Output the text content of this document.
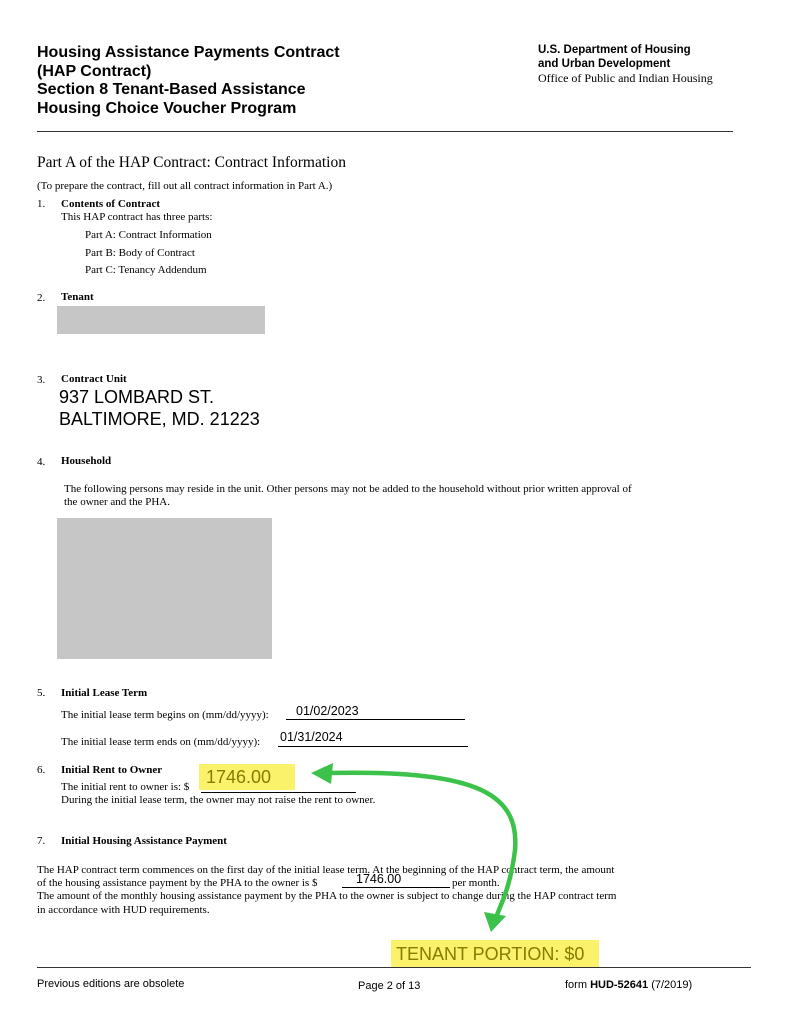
Housing Assistance Payments Contract
(HAP Contract)
Section 8 Tenant-Based Assistance
Housing Choice Voucher Program
U.S. Department of Housing
and Urban Development
Office of Public and Indian Housing
Part A of the HAP Contract: Contract Information
(To prepare the contract, fill out all contract information in Part A.)
1. Contents of Contract
This HAP contract has three parts:
Part A: Contract Information
Part B: Body of Contract
Part C: Tenancy Addendum
2. Tenant
3. Contract Unit
937 LOMBARD ST.
BALTIMORE, MD. 21223
4. Household
The following persons may reside in the unit. Other persons may not be added to the household without prior written approval of
the owner and the PHA.
5. Initial Lease Term
The initial lease term begins on (mm/dd/yyyy): 01/02/2023
The initial lease term ends on (mm/dd/yyyy): 01/31/2024
6. Initial Rent to Owner
The initial rent to owner is: $ 1746.00
During the initial lease term, the owner may not raise the rent to owner.
7. Initial Housing Assistance Payment
The HAP contract term commences on the first day of the initial lease term. At the beginning of the HAP contract term, the amount
of the housing assistance payment by the PHA to the owner is $	1746.00	per month.
The amount of the monthly housing assistance payment by the PHA to the owner is subject to change during the HAP contract term
in accordance with HUD requirements.
TENANT PORTION: $0
Previous editions are obsolete	Page 2 of 13	form HUD-52641 (7/2019)
